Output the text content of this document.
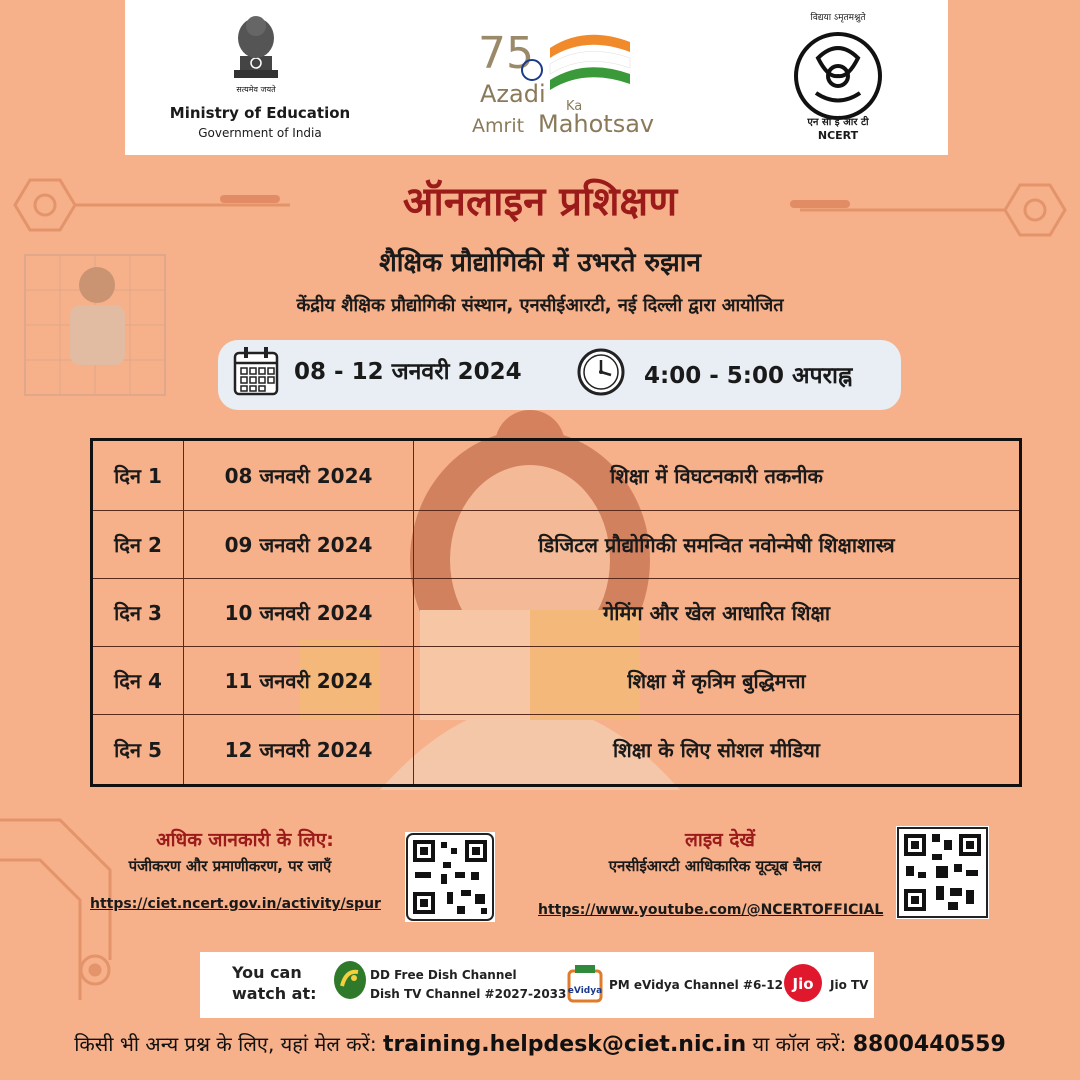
सत्यमेव जयते
Ministry of Education
Government of India
75
Azadi Ka
Amrit Mahotsav
विद्यया ऽमृतमश्नुते
एन सी ई आर टी
NCERT
ऑनलाइन प्रशिक्षण
शैक्षिक प्रौद्योगिकी में उभरते रुझान
केंद्रीय शैक्षिक प्रौद्योगिकी संस्थान, एनसीईआरटी, नई दिल्ली द्वारा आयोजित
08 - 12 जनवरी 2024	4:00 - 5:00 अपराह्न
दिन 1	08 जनवरी 2024	शिक्षा में विघटनकारी तकनीक
दिन 2	09 जनवरी 2024	डिजिटल प्रौद्योगिकी समन्वित नवोन्मेषी शिक्षाशास्त्र
दिन 3	10 जनवरी 2024	गेमिंग और खेल आधारित शिक्षा
दिन 4	11 जनवरी 2024	शिक्षा में कृत्रिम बुद्धिमत्ता
दिन 5	12 जनवरी 2024	शिक्षा के लिए सोशल मीडिया
अधिक जानकारी के लिए:
पंजीकरण और प्रमाणीकरण, पर जाएँ
https://ciet.ncert.gov.in/activity/spur
लाइव देखें
एनसीईआरटी आधिकारिक यूट्यूब चैनल
https://www.youtube.com/@NCERTOFFICIAL
You can
watch at:
DD Free Dish Channel
Dish TV Channel #2027-2033 eVidya PM eVidya Channel #6-12 Jio Jio TV
किसी भी अन्य प्रश्न के लिए, यहां मेल करें: training.helpdesk@ciet.nic.in या कॉल करें: 8800440559
